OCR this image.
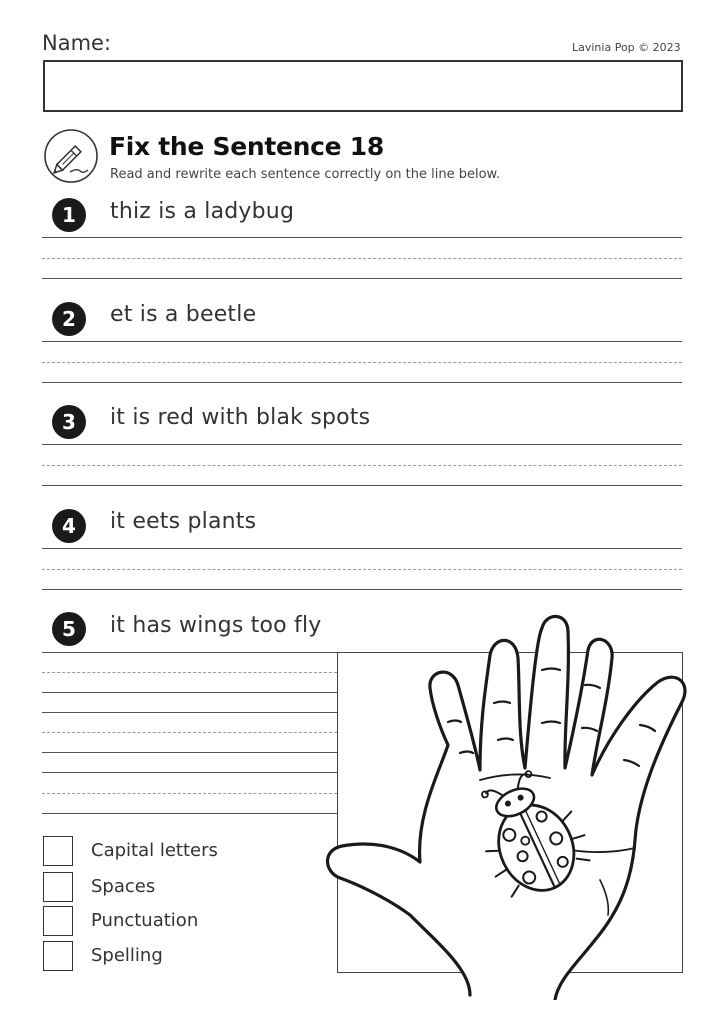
Name:	Lavinia Pop © 2023
Fix the Sentence 18
Read and rewrite each sentence correctly on the line below.
1	thiz is a ladybug
2	et is a beetle
3	it is red with blak spots
4	it eets plants
5	it has wings too fly
Capital letters
Spaces
Punctuation
Spelling
